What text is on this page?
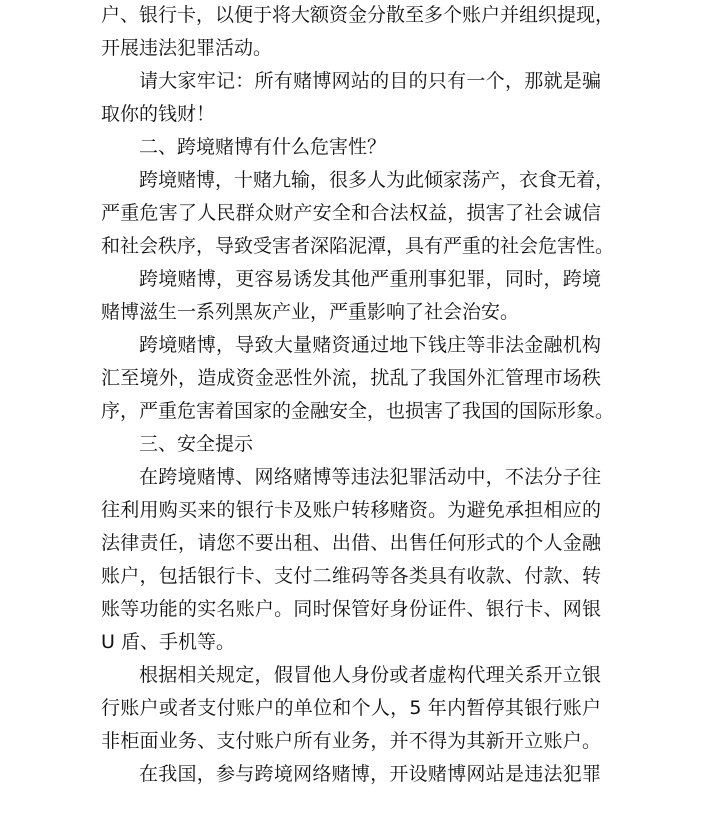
户、银行卡，以便于将大额资金分散至多个账户并组织提现，
开展违法犯罪活动。
请大家牢记：所有赌博网站的目的只有一个，那就是骗
取你的钱财！
二、跨境赌博有什么危害性？
跨境赌博，十赌九输，很多人为此倾家荡产，衣食无着，
严重危害了人民群众财产安全和合法权益，损害了社会诚信
和社会秩序，导致受害者深陷泥潭，具有严重的社会危害性。
跨境赌博，更容易诱发其他严重刑事犯罪，同时，跨境
赌博滋生一系列黑灰产业，严重影响了社会治安。
跨境赌博，导致大量赌资通过地下钱庄等非法金融机构
汇至境外，造成资金恶性外流，扰乱了我国外汇管理市场秩
序，严重危害着国家的金融安全，也损害了我国的国际形象。
三、安全提示
在跨境赌博、网络赌博等违法犯罪活动中，不法分子往
往利用购买来的银行卡及账户转移赌资。为避免承担相应的
法律责任，请您不要出租、出借、出售任何形式的个人金融
账户，包括银行卡、支付二维码等各类具有收款、付款、转
账等功能的实名账户。同时保管好身份证件、银行卡、网银
U 盾、手机等。
根据相关规定，假冒他人身份或者虚构代理关系开立银
行账户或者支付账户的单位和个人，5 年内暂停其银行账户
非柜面业务、支付账户所有业务，并不得为其新开立账户。
在我国，参与跨境网络赌博，开设赌博网站是违法犯罪
